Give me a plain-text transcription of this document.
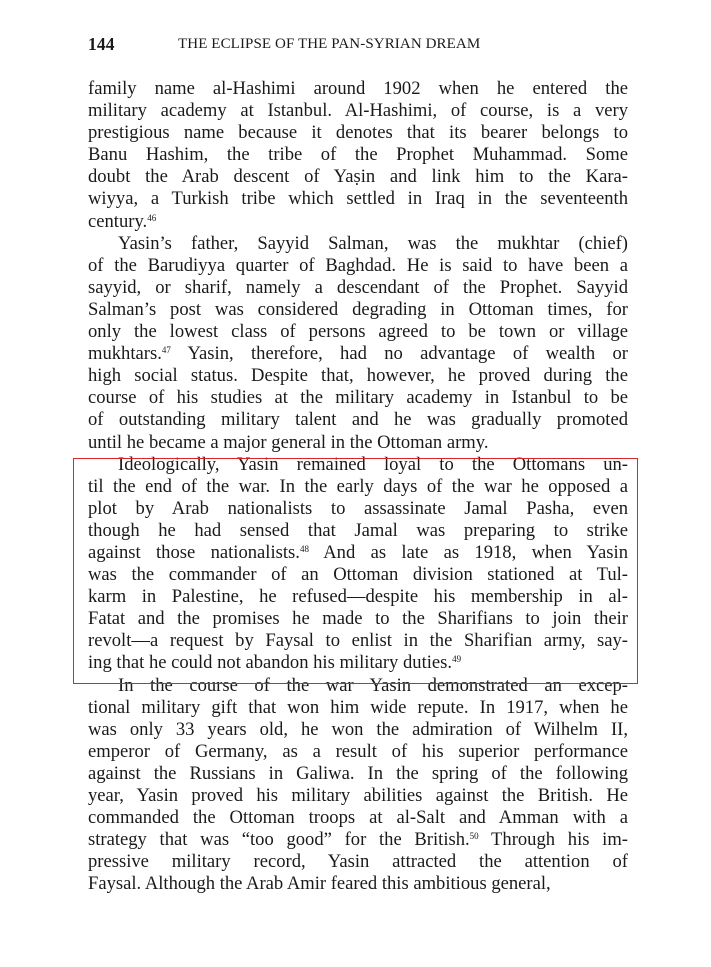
144	THE ECLIPSE OF THE PAN-SYRIAN DREAM
family name al-Hashimi around 1902 when he entered the
military academy at Istanbul. Al-Hashimi, of course, is a very
prestigious name because it denotes that its bearer belongs to
Banu Hashim, the tribe of the Prophet Muhammad. Some
doubt the Arab descent of Yaṣin and link him to the Kara-
wiyya, a Turkish tribe which settled in Iraq in the seventeenth
century.$^{46}$
Yasin’s father, Sayyid Salman, was the mukhtar (chief)
of the Barudiyya quarter of Baghdad. He is said to have been a
sayyid, or sharif, namely a descendant of the Prophet. Sayyid
Salman’s post was considered degrading in Ottoman times, for
only the lowest class of persons agreed to be town or village
mukhtars.$^{47}$ Yasin, therefore, had no advantage of wealth or
high social status. Despite that, however, he proved during the
course of his studies at the military academy in Istanbul to be
of outstanding military talent and he was gradually promoted
until he became a major general in the Ottoman army.
Ideologically, Yasin remained loyal to the Ottomans un-
til the end of the war. In the early days of the war he opposed a
plot by Arab nationalists to assassinate Jamal Pasha, even
though he had sensed that Jamal was preparing to strike
against those nationalists.$^{48}$ And as late as 1918, when Yasin
was the commander of an Ottoman division stationed at Tul-
karm in Palestine, he refused—despite his membership in al-
Fatat and the promises he made to the Sharifians to join their
revolt—a request by Faysal to enlist in the Sharifian army, say-
ing that he could not abandon his military duties.$^{49}$
In the course of the war Yasin demonstrated an excep-
tional military gift that won him wide repute. In 1917, when he
was only 33 years old, he won the admiration of Wilhelm II,
emperor of Germany, as a result of his superior performance
against the Russians in Galiwa. In the spring of the following
year, Yasin proved his military abilities against the British. He
commanded the Ottoman troops at al-Salt and Amman with a
strategy that was “too good” for the British.$^{50}$ Through his im-
pressive military record, Yasin attracted the attention of
Faysal. Although the Arab Amir feared this ambitious general,
